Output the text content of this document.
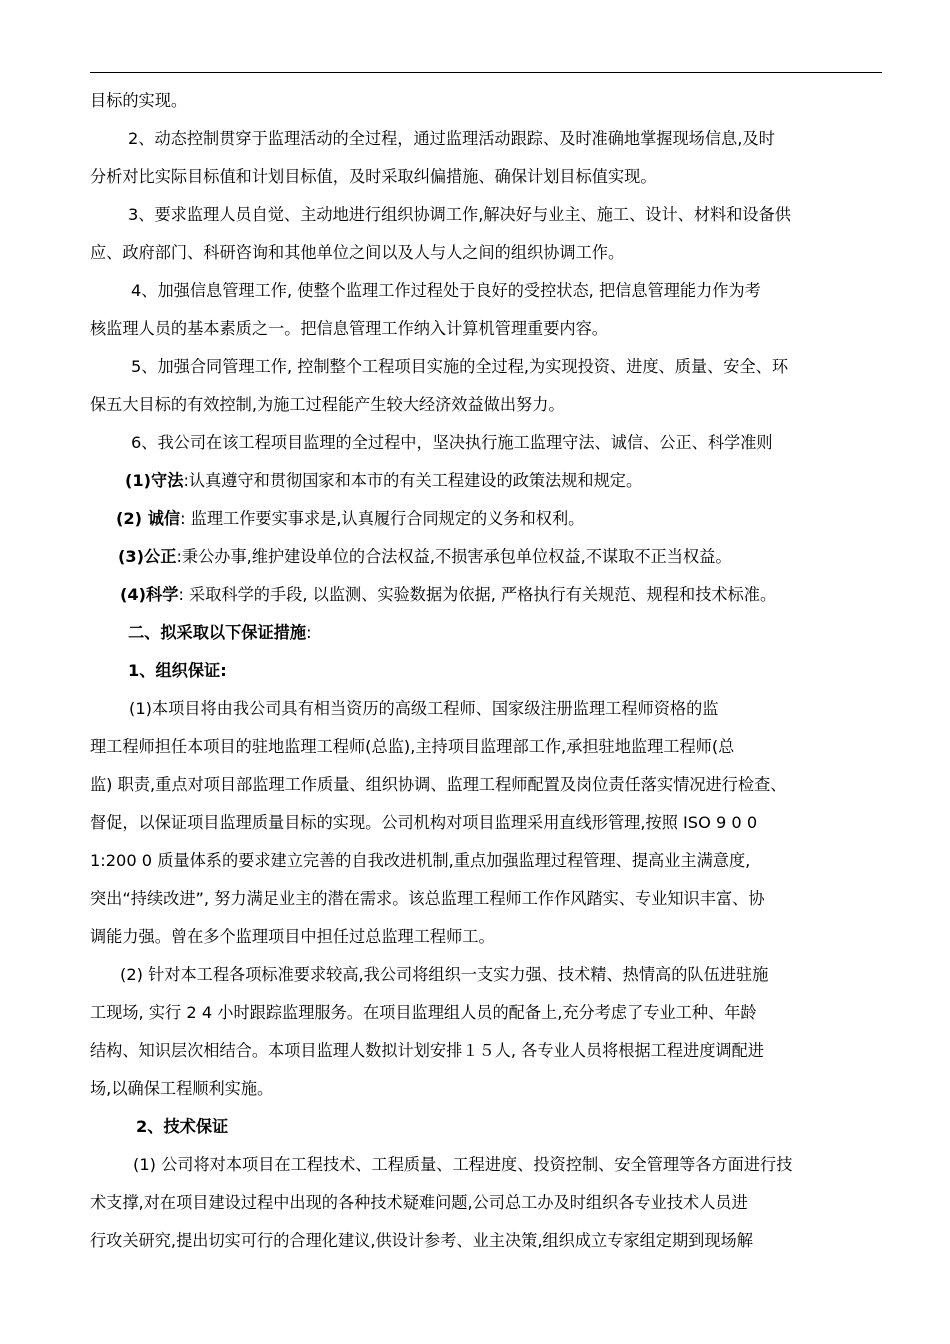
目标的实现。
2、动态控制贯穿于监理活动的全过程，通过监理活动跟踪、及时准确地掌握现场信息,及时
分析对比实际目标值和计划目标值，及时采取纠偏措施、确保计划目标值实现。
3、要求监理人员自觉、主动地进行组织协调工作,解决好与业主、施工、设计、材料和设备供
应、政府部门、科研咨询和其他单位之间以及人与人之间的组织协调工作。
4、加强信息管理工作, 使整个监理工作过程处于良好的受控状态, 把信息管理能力作为考
核监理人员的基本素质之一。把信息管理工作纳入计算机管理重要内容。
5、加强合同管理工作, 控制整个工程项目实施的全过程,为实现投资、进度、质量、安全、环
保五大目标的有效控制,为施工过程能产生较大经济效益做出努力。
6、我公司在该工程项目监理的全过程中，坚决执行施工监理守法、诚信、公正、科学准则
(1)守法:认真遵守和贯彻国家和本市的有关工程建设的政策法规和规定。
(2) 诚信: 监理工作要实事求是,认真履行合同规定的义务和权利。
(3)公正:秉公办事,维护建设单位的合法权益,不损害承包单位权益,不谋取不正当权益。
(4)科学: 采取科学的手段, 以监测、实验数据为依据, 严格执行有关规范、规程和技术标准。
二、拟采取以下保证措施:
1、组织保证:
(1)本项目将由我公司具有相当资历的高级工程师、国家级注册监理工程师资格的监
理工程师担任本项目的驻地监理工程师(总监),主持项目监理部工作,承担驻地监理工程师(总
监) 职责,重点对项目部监理工作质量、组织协调、监理工程师配置及岗位责任落实情况进行检查、
督促，以保证项目监理质量目标的实现。公司机构对项目监理采用直线形管理,按照 ISO 9 0 0
1:200 0 质量体系的要求建立完善的自我改进机制,重点加强监理过程管理、提高业主满意度,
突出“持续改进”, 努力满足业主的潜在需求。该总监理工程师工作作风踏实、专业知识丰富、协
调能力强。曾在多个监理项目中担任过总监理工程师工。
(2) 针对本工程各项标准要求较高,我公司将组织一支实力强、技术精、热情高的队伍进驻施
工现场, 实行 2 4 小时跟踪监理服务。在项目监理组人员的配备上,充分考虑了专业工种、年龄
结构、知识层次相结合。本项目监理人数拟计划安排１５人, 各专业人员将根据工程进度调配进
场,以确保工程顺利实施。
2、技术保证
(1) 公司将对本项目在工程技术、工程质量、工程进度、投资控制、安全管理等各方面进行技
术支撑,对在项目建设过程中出现的各种技术疑难问题,公司总工办及时组织各专业技术人员进
行攻关研究,提出切实可行的合理化建议,供设计参考、业主决策,组织成立专家组定期到现场解
